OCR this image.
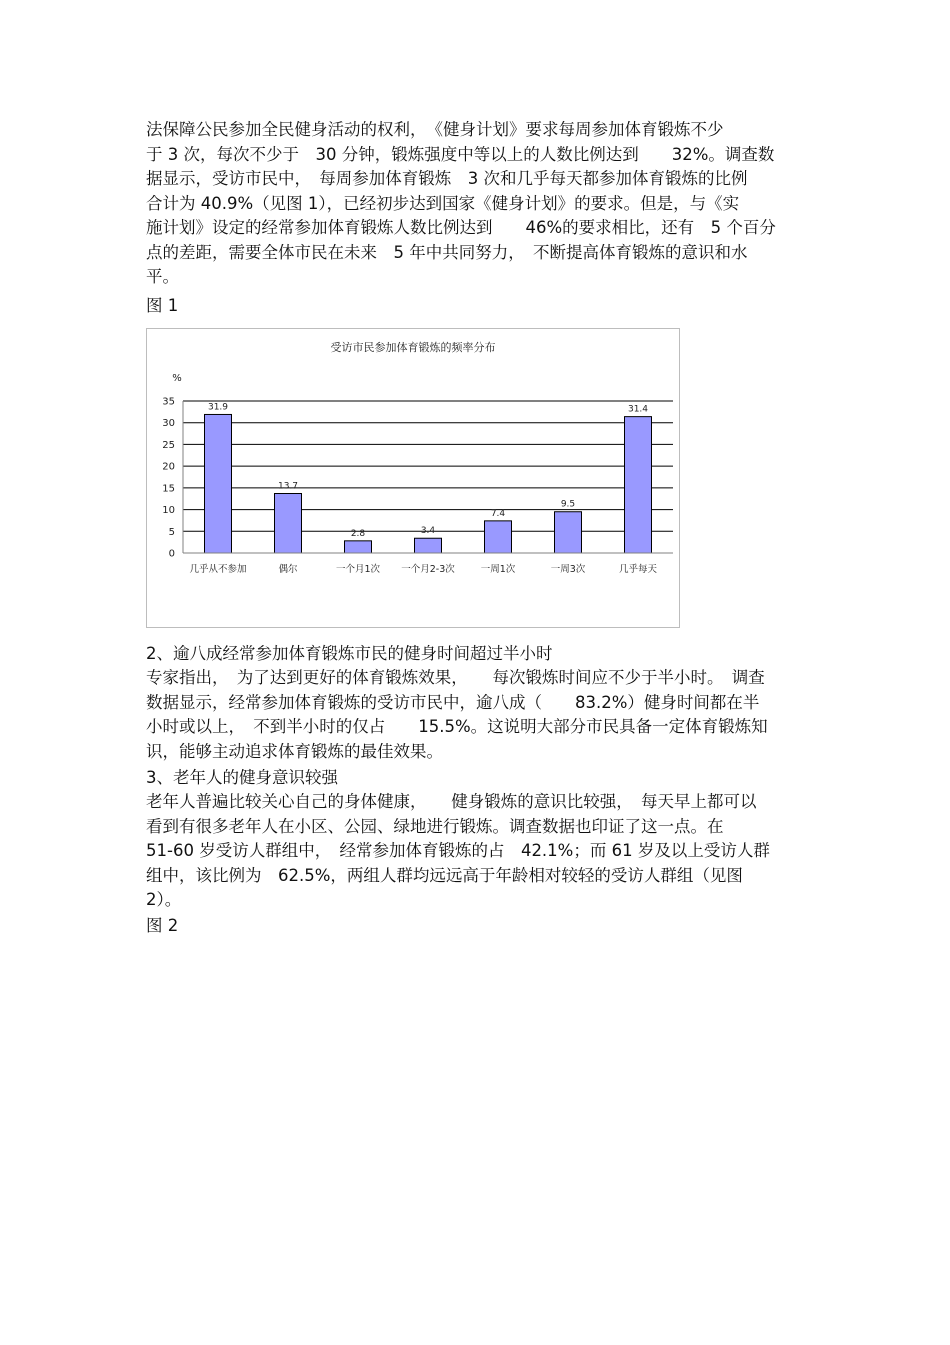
法保障公民参加全民健身活动的权利，　《健身计划》要求每周参加体育锻炼不少
于 3 次，每次不少于　30 分钟，锻炼强度中等以上的人数比例达到　　32%。调查数
据显示，受访市民中，　每周参加体育锻炼　3 次和几乎每天都参加体育锻炼的比例
合计为 40.9%（见图 1），已经初步达到国家《健身计划》的要求。但是，与《实
施计划》设定的经常参加体育锻炼人数比例达到　　46%的要求相比，还有　5 个百分
点的差距，需要全体市民在未来　5 年中共同努力，　不断提高体育锻炼的意识和水
平。
图 1
受访市民参加体育锻炼的频率分布
%
0
5
10
15
20
25
30
35	31.9
13.7
2.8	3.4
7.4
9.5
31.4
几乎从不参加	偶尔	一个月1次 一个月2-3次	一周1次	一周3次	几乎每天
2、逾八成经常参加体育锻炼市民的健身时间超过半小时
专家指出，　为了达到更好的体育锻炼效果，　　每次锻炼时间应不少于半小时。　调查
数据显示，经常参加体育锻炼的受访市民中，逾八成（　　83.2%）健身时间都在半
小时或以上，　不到半小时的仅占　　15.5%。这说明大部分市民具备一定体育锻炼知
识，能够主动追求体育锻炼的最佳效果。
3、老年人的健身意识较强
老年人普遍比较关心自己的身体健康，　　健身锻炼的意识比较强，　每天早上都可以
看到有很多老年人在小区、公园、绿地进行锻炼。调查数据也印证了这一点。在
51-60 岁受访人群组中，　经常参加体育锻炼的占　42.1%；而 61 岁及以上受访人群
组中，该比例为　62.5%，两组人群均远远高于年龄相对较轻的受访人群组（见图
2）。
图 2
